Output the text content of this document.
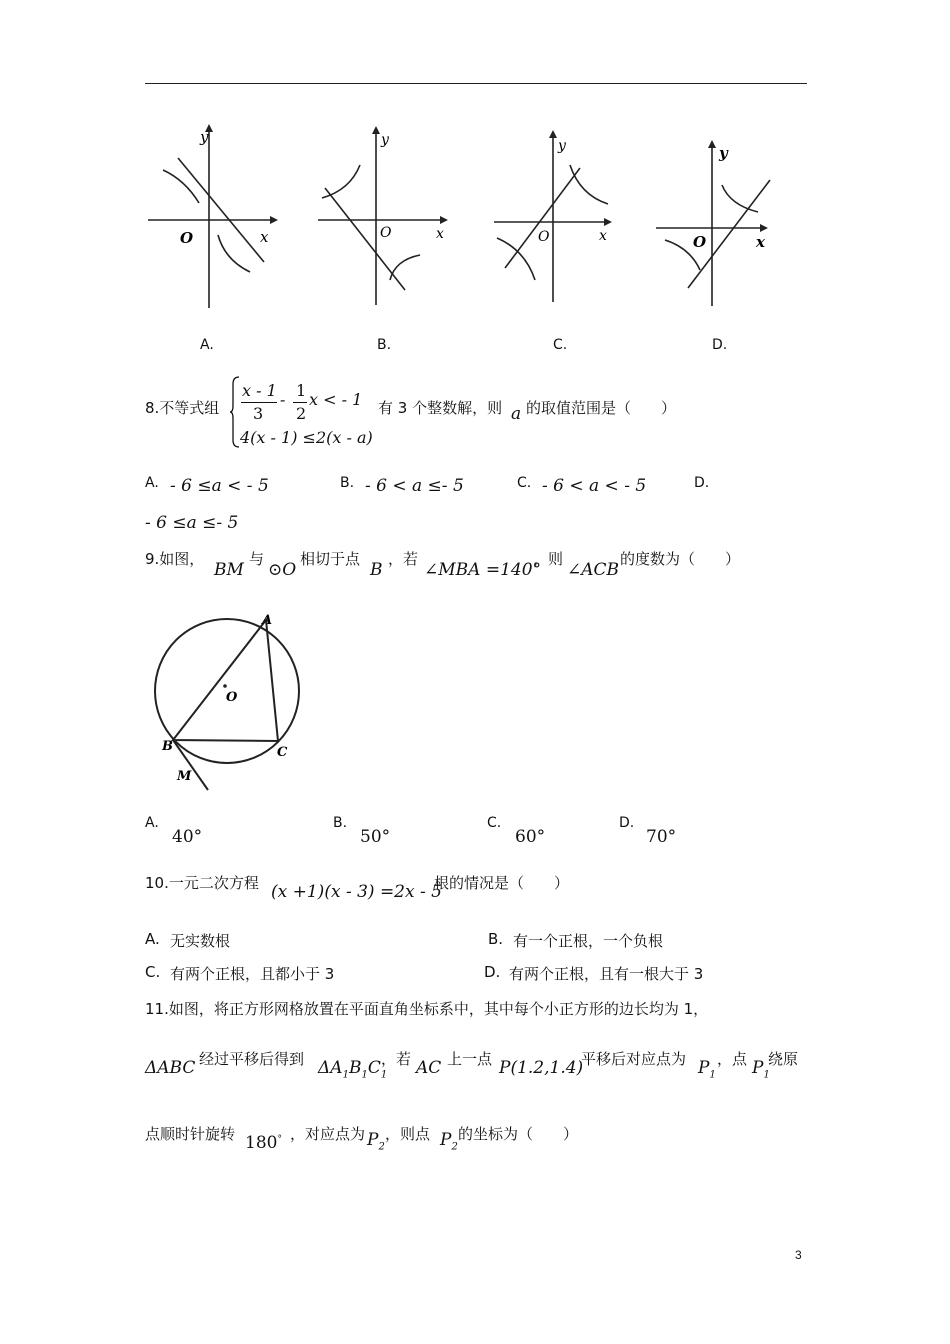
y
x
O
y
x
O
y
x
O
y
x
O
A.	B.	C.	D.
8.不等式组
x - 1
3
- 1
2
x < - 1
4(x - 1) ≤2(x - a)
有 3 个整数解，则 a 的取值范围是（　　）
A. - 6 ≤a < - 5	B. - 6 < a ≤- 5	C. - 6 < a < - 5	D.
- 6 ≤a ≤- 5
9.如图，
BM
与
⊙O
相切于点
B
，若
∠MBA =140°
，则
∠ACB
的度数为（　　）
A
O
B	C
M
A.
40°
B.
50°
C.
60°
D.
70°
10.一元二次方程 (x +1)(x - 3) =2x - 5
根的情况是（　　）
A. 无实数根	B. 有一个正根，一个负根
C. 有两个正根，且都小于 3	D. 有两个正根，且有一根大于 3
11.如图，将正方形网格放置在平面直角坐标系中，其中每个小正方形的边长均为 1，
ΔABC 经过平移后得到 $\Delta A_1B_1C_1$
，若 AC 上一点 P(1.2,1.4)
平移后对应点为 $P_1$
，点 $P_1$
绕原
点顺时针旋转 180° ，对应点为 $P_2$
，则点 $P_2$
的坐标为（　　）
3
